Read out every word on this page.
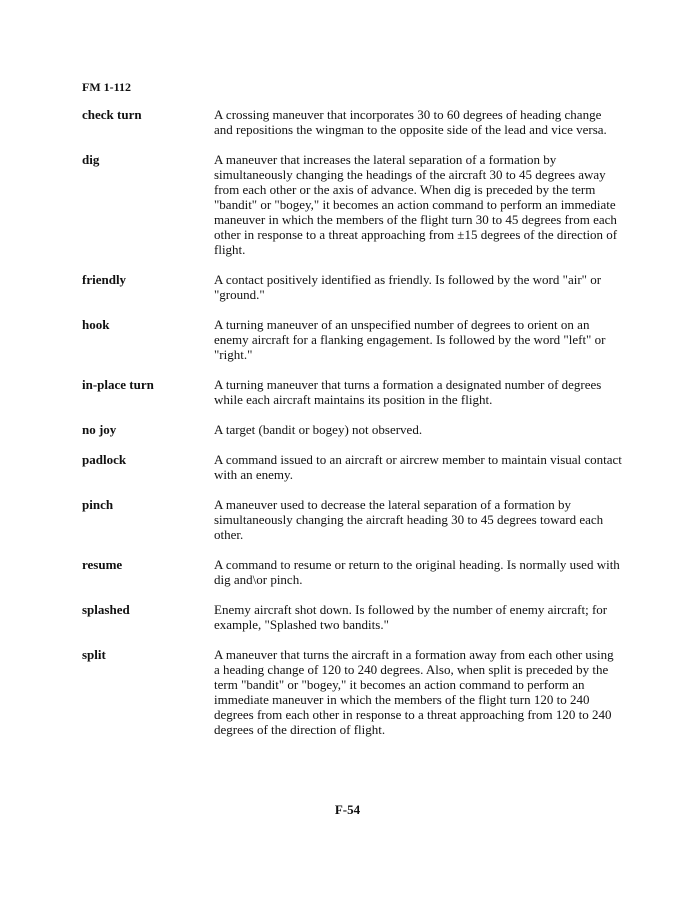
FM 1-112
check turn	A crossing maneuver that incorporates 30 to 60 degrees of heading change and repositions the wingman to the opposite side of the lead and vice versa.
dig	A maneuver that increases the lateral separation of a formation by simultaneously changing the headings of the aircraft 30 to 45 degrees away from each other or the axis of advance. When dig is preceded by the term "bandit" or "bogey," it becomes an action command to perform an immediate maneuver in which the members of the flight turn 30 to 45 degrees from each other in response to a threat approaching from ±15 degrees of the direction of flight.
friendly	A contact positively identified as friendly. Is followed by the word "air" or "ground."
hook	A turning maneuver of an unspecified number of degrees to orient on an enemy aircraft for a flanking engagement. Is followed by the word "left" or "right."
in-place turn	A turning maneuver that turns a formation a designated number of degrees while each aircraft maintains its position in the flight.
no joy	A target (bandit or bogey) not observed.
padlock	A command issued to an aircraft or aircrew member to maintain visual contact with an enemy.
pinch	A maneuver used to decrease the lateral separation of a formation by simultaneously changing the aircraft heading 30 to 45 degrees toward each other.
resume	A command to resume or return to the original heading. Is normally used with dig and\or pinch.
splashed	Enemy aircraft shot down. Is followed by the number of enemy aircraft; for example, "Splashed two bandits."
split	A maneuver that turns the aircraft in a formation away from each other using a heading change of 120 to 240 degrees. Also, when split is preceded by the term "bandit" or "bogey," it becomes an action command to perform an immediate maneuver in which the members of the flight turn 120 to 240 degrees from each other in response to a threat approaching from 120 to 240 degrees of the direction of flight.
F-54
